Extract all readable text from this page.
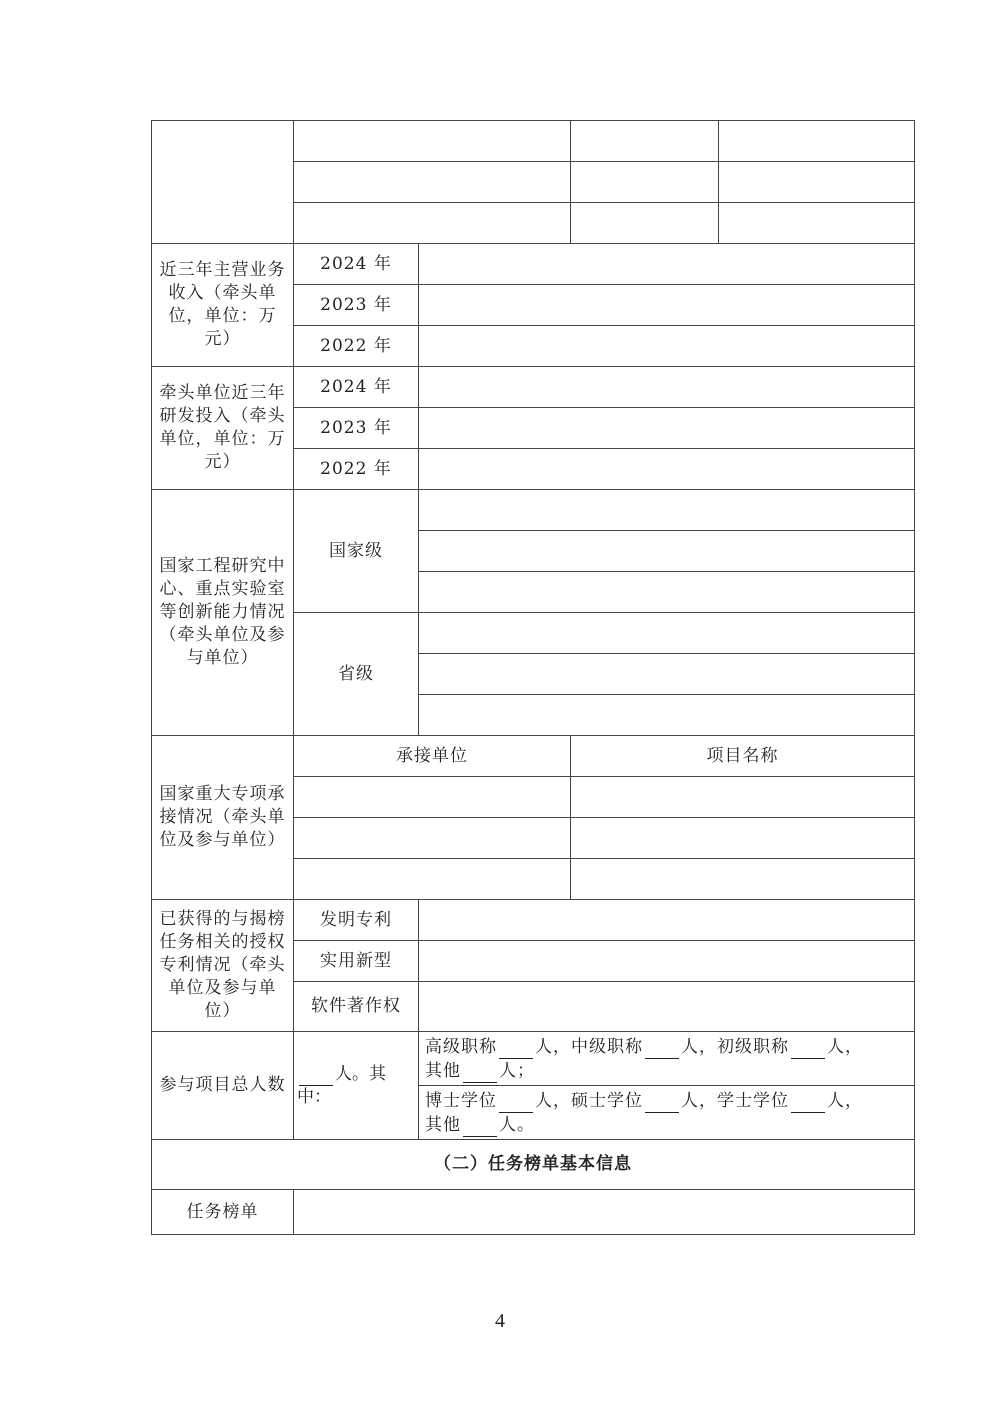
近三年主营业务收入（牵头单位，单位：万元）	2024 年			
	2023 年			
	2022 年			
牵头单位近三年研发投入（牵头单位，单位：万元）	2024 年			
	2023 年			
	2022 年			
国家工程研究中心、重点实验室等创新能力情况（牵头单位及参与单位）	国家级			

	省级			

国家重大专项承接情况（牵头单位及参与单位）	承接单位		项目名称	

已获得的与揭榜任务相关的授权专利情况（牵头单位及参与单位）	发明专利			
	实用新型			
	软件著作权			
参与项目总人数	人。其中：	高级职称 人，中级职称 人，初级职称 人，
其他 人；		
		博士学位 人，硕士学位 人，学士学位 人，
其他 人。		
（二）任务榜单基本信息				
任务榜单				
4
